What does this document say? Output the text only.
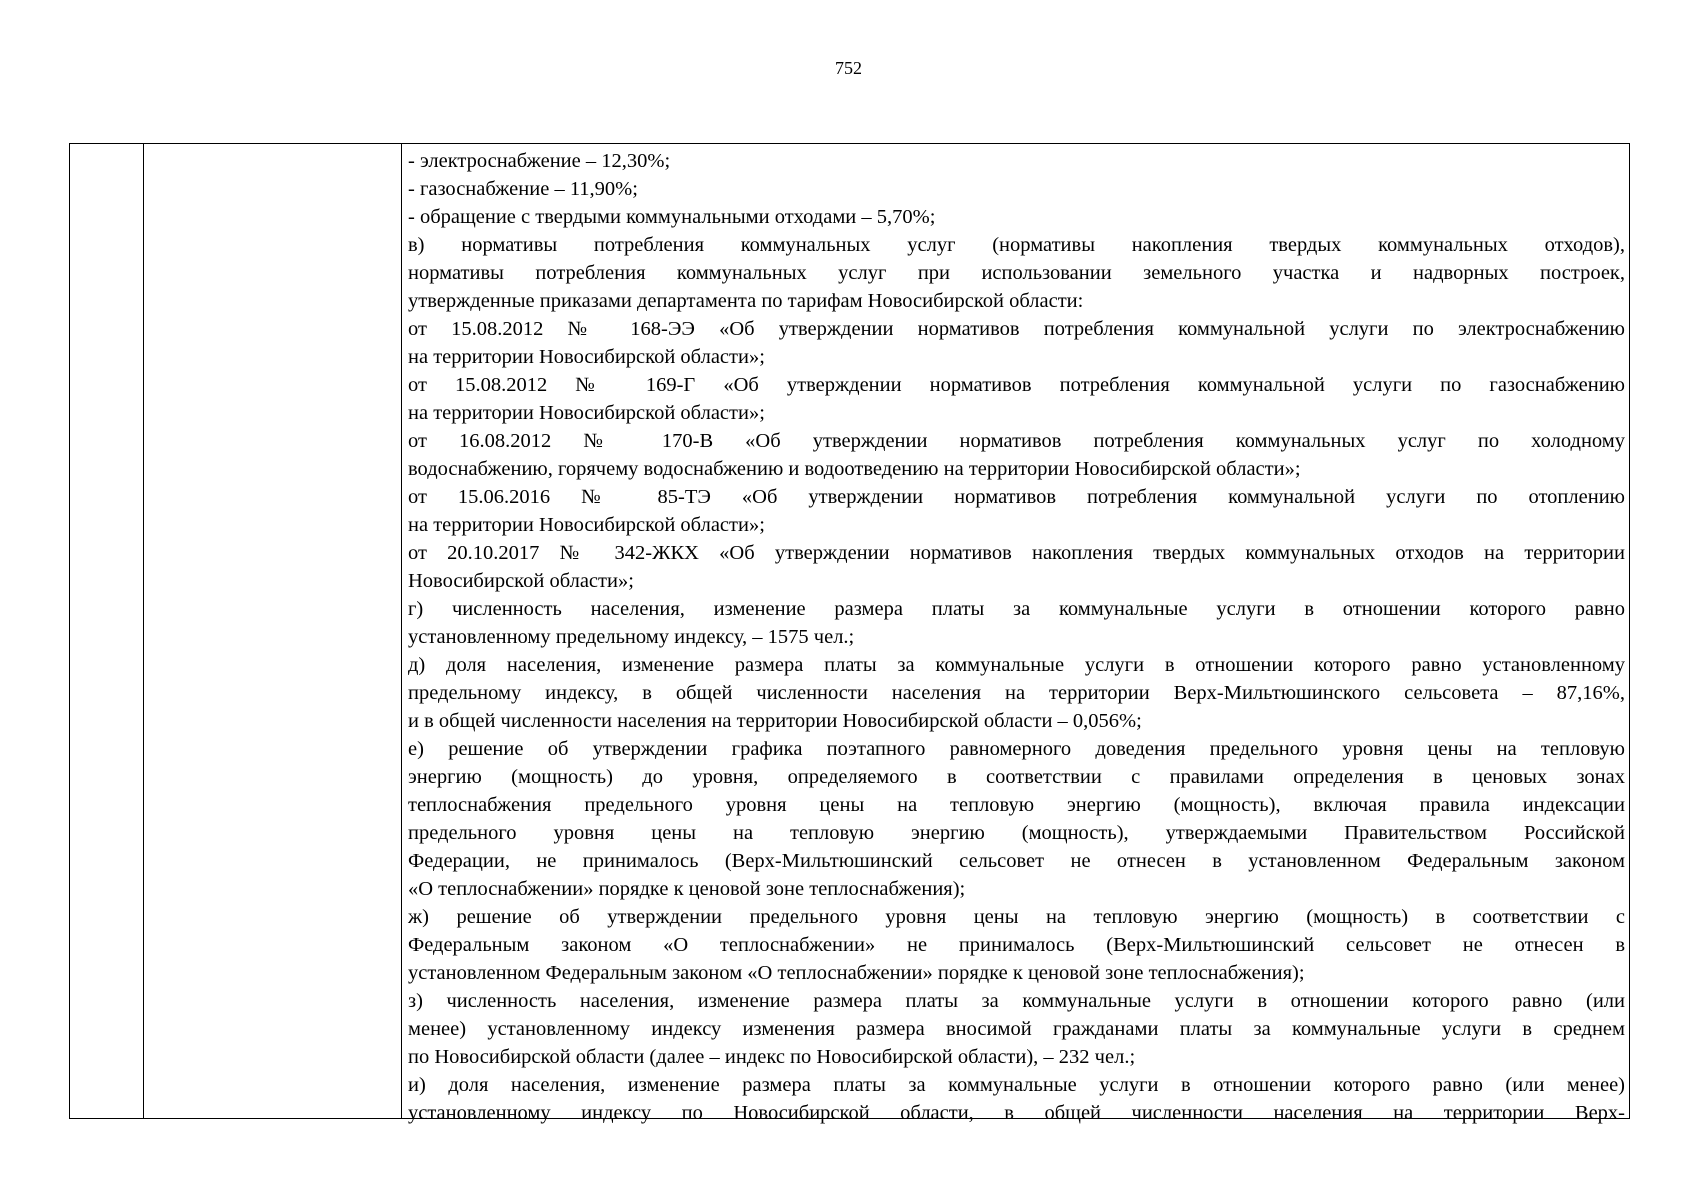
752
- электроснабжение – 12,30%;
- газоснабжение – 11,90%;
- обращение с твердыми коммунальными отходами – 5,70%;
в) нормативы потребления коммунальных услуг (нормативы накопления твердых коммунальных отходов),
нормативы потребления коммунальных услуг при использовании земельного участка и надворных построек,
утвержденные приказами департамента по тарифам Новосибирской области:
от 15.08.2012 № 168-ЭЭ «Об утверждении нормативов потребления коммунальной услуги по электроснабжению
на территории Новосибирской области»;
от 15.08.2012 № 169-Г «Об утверждении нормативов потребления коммунальной услуги по газоснабжению
на территории Новосибирской области»;
от 16.08.2012 № 170-В «Об утверждении нормативов потребления коммунальных услуг по холодному
водоснабжению, горячему водоснабжению и водоотведению на территории Новосибирской области»;
от 15.06.2016 № 85-ТЭ «Об утверждении нормативов потребления коммунальной услуги по отоплению
на территории Новосибирской области»;
от 20.10.2017 № 342-ЖКХ «Об утверждении нормативов накопления твердых коммунальных отходов на территории
Новосибирской области»;
г) численность населения, изменение размера платы за коммунальные услуги в отношении которого равно
установленному предельному индексу, – 1575 чел.;
д) доля населения, изменение размера платы за коммунальные услуги в отношении которого равно установленному
предельному индексу, в общей численности населения на территории Верх-Мильтюшинского сельсовета – 87,16%,
и в общей численности населения на территории Новосибирской области – 0,056%;
е) решение об утверждении графика поэтапного равномерного доведения предельного уровня цены на тепловую
энергию (мощность) до уровня, определяемого в соответствии с правилами определения в ценовых зонах
теплоснабжения предельного уровня цены на тепловую энергию (мощность), включая правила индексации
предельного уровня цены на тепловую энергию (мощность), утверждаемыми Правительством Российской
Федерации, не принималось (Верх-Мильтюшинский сельсовет не отнесен в установленном Федеральным законом
«О теплоснабжении» порядке к ценовой зоне теплоснабжения);
ж) решение об утверждении предельного уровня цены на тепловую энергию (мощность) в соответствии с
Федеральным законом «О теплоснабжении» не принималось (Верх-Мильтюшинский сельсовет не отнесен в
установленном Федеральным законом «О теплоснабжении» порядке к ценовой зоне теплоснабжения);
з) численность населения, изменение размера платы за коммунальные услуги в отношении которого равно (или
менее) установленному индексу изменения размера вносимой гражданами платы за коммунальные услуги в среднем
по Новосибирской области (далее – индекс по Новосибирской области), – 232 чел.;
и) доля населения, изменение размера платы за коммунальные услуги в отношении которого равно (или менее)
установленному индексу по Новосибирской области, в общей численности населения на территории Верх-
